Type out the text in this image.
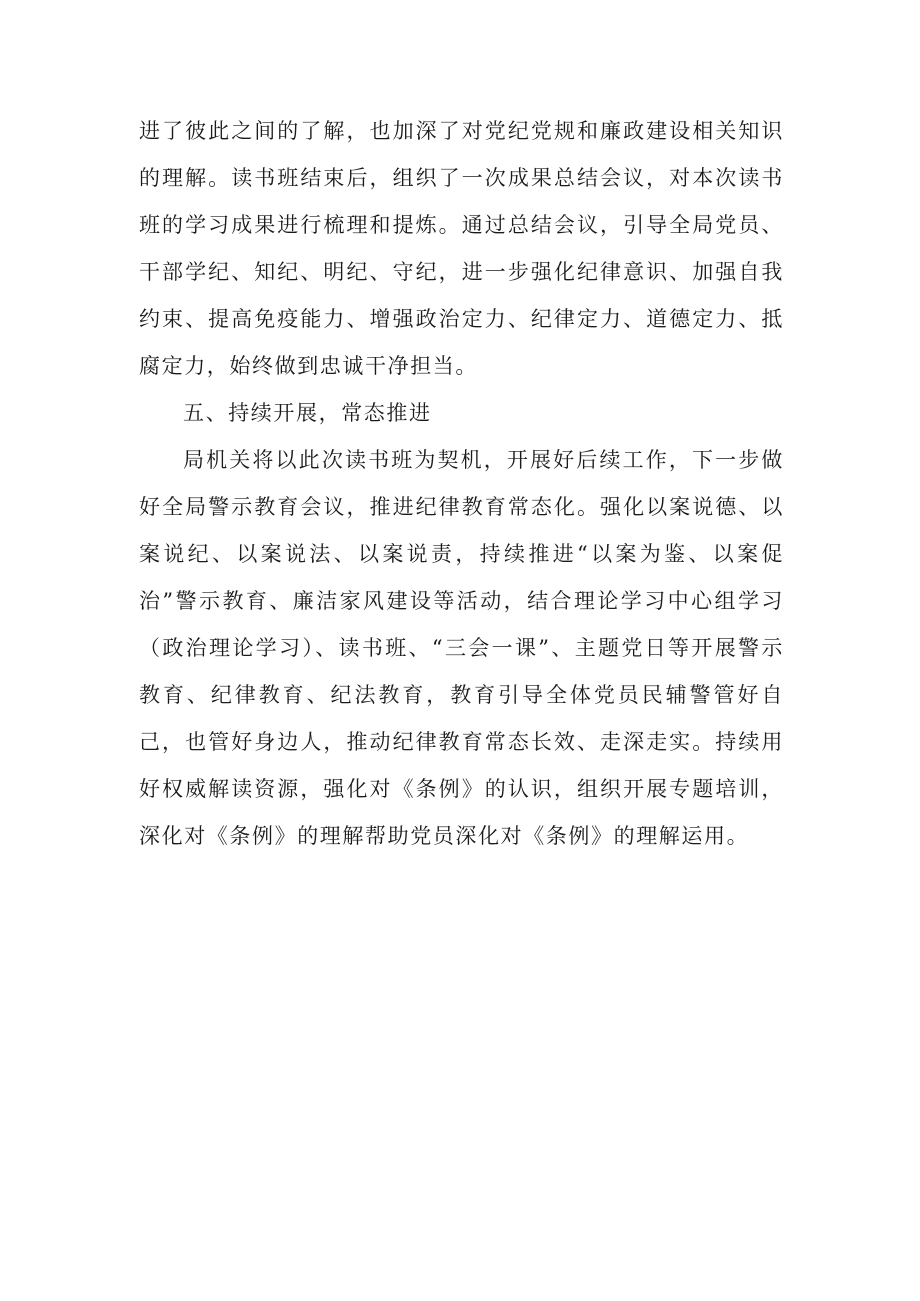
进了彼此之间的了解，也加深了对党纪党规和廉政建设相关知识的理解。读书班结束后，组织了一次成果总结会议，对本次读书班的学习成果进行梳理和提炼。通过总结会议，引导全局党员、干部学纪、知纪、明纪、守纪，进一步强化纪律意识、加强自我约束、提高免疫能力、增强政治定力、纪律定力、道德定力、抵腐定力，始终做到忠诚干净担当。

五、持续开展，常态推进

局机关将以此次读书班为契机，开展好后续工作，下一步做好全局警示教育会议，推进纪律教育常态化。强化以案说德、以案说纪、以案说法、以案说责，持续推进“以案为鉴、以案促治”警示教育、廉洁家风建设等活动，结合理论学习中心组学习（政治理论学习）、读书班、“三会一课”、主题党日等开展警示教育、纪律教育、纪法教育，教育引导全体党员民辅警管好自己，也管好身边人，推动纪律教育常态长效、走深走实。持续用好权威解读资源，强化对《条例》的认识，组织开展专题培训，深化对《条例》的理解帮助党员深化对《条例》的理解运用。
